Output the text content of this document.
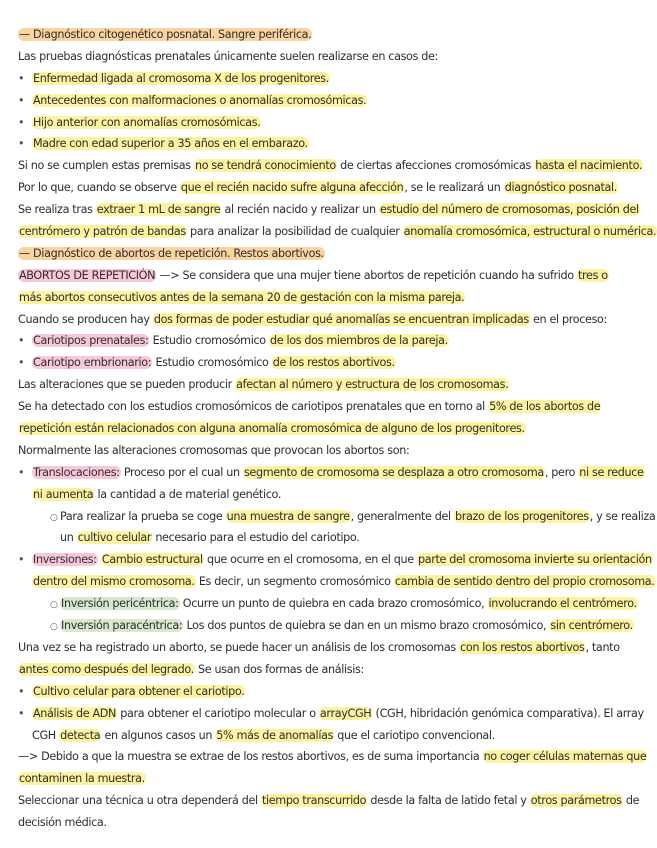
— Diagnóstico citogenético posnatal. Sangre periférica.
Las pruebas diagnósticas prenatales únicamente suelen realizarse en casos de:
• Enfermedad ligada al cromosoma X de los progenitores.
• Antecedentes con malformaciones o anomalías cromosómicas.
• Hijo anterior con anomalías cromosómicas.
• Madre con edad superior a 35 años en el embarazo.
Si no se cumplen estas premisas no se tendrá conocimiento de ciertas afecciones cromosómicas hasta el nacimiento.
Por lo que, cuando se observe que el recién nacido sufre alguna afección, se le realizará un diagnóstico posnatal.
Se realiza tras extraer 1 mL de sangre al recién nacido y realizar un estudio del número de cromosomas, posición del
centrómero y patrón de bandas para analizar la posibilidad de cualquier anomalía cromosómica, estructural o numérica.
— Diagnóstico de abortos de repetición. Restos abortivos.
ABORTOS DE REPETICIÓN —> Se considera que una mujer tiene abortos de repetición cuando ha sufrido tres o
más abortos consecutivos antes de la semana 20 de gestación con la misma pareja.
Cuando se producen hay dos formas de poder estudiar qué anomalías se encuentran implicadas en el proceso:
• Cariotipos prenatales: Estudio cromosómico de los dos miembros de la pareja.
• Cariotipo embrionario: Estudio cromosómico de los restos abortivos.
Las alteraciones que se pueden producir afectan al número y estructura de los cromosomas.
Se ha detectado con los estudios cromosómicos de cariotipos prenatales que en torno al 5% de los abortos de
repetición están relacionados con alguna anomalía cromosómica de alguno de los progenitores.
Normalmente las alteraciones cromosomas que provocan los abortos son:
• Translocaciones: Proceso por el cual un segmento de cromosoma se desplaza a otro cromosoma, pero ni se reduce
ni aumenta la cantidad a de material genético.
○ Para realizar la prueba se coge una muestra de sangre, generalmente del brazo de los progenitores, y se realiza
un cultivo celular necesario para el estudio del cariotipo.
• Inversiones: Cambio estructural que ocurre en el cromosoma, en el que parte del cromosoma invierte su orientación
dentro del mismo cromosoma. Es decir, un segmento cromosómico cambia de sentido dentro del propio cromosoma.
○ Inversión pericéntrica: Ocurre un punto de quiebra en cada brazo cromosómico, involucrando el centrómero.
○ Inversión paracéntrica: Los dos puntos de quiebra se dan en un mismo brazo cromosómico, sin centrómero.
Una vez se ha registrado un aborto, se puede hacer un análisis de los cromosomas con los restos abortivos, tanto
antes como después del legrado. Se usan dos formas de análisis:
• Cultivo celular para obtener el cariotipo.
• Análisis de ADN para obtener el cariotipo molecular o arrayCGH (CGH, hibridación genómica comparativa). El array
CGH detecta en algunos casos un 5% más de anomalías que el cariotipo convencional.
—> Debido a que la muestra se extrae de los restos abortivos, es de suma importancia no coger células maternas que
contaminen la muestra.
Seleccionar una técnica u otra dependerá del tiempo transcurrido desde la falta de latido fetal y otros parámetros de
decisión médica.
